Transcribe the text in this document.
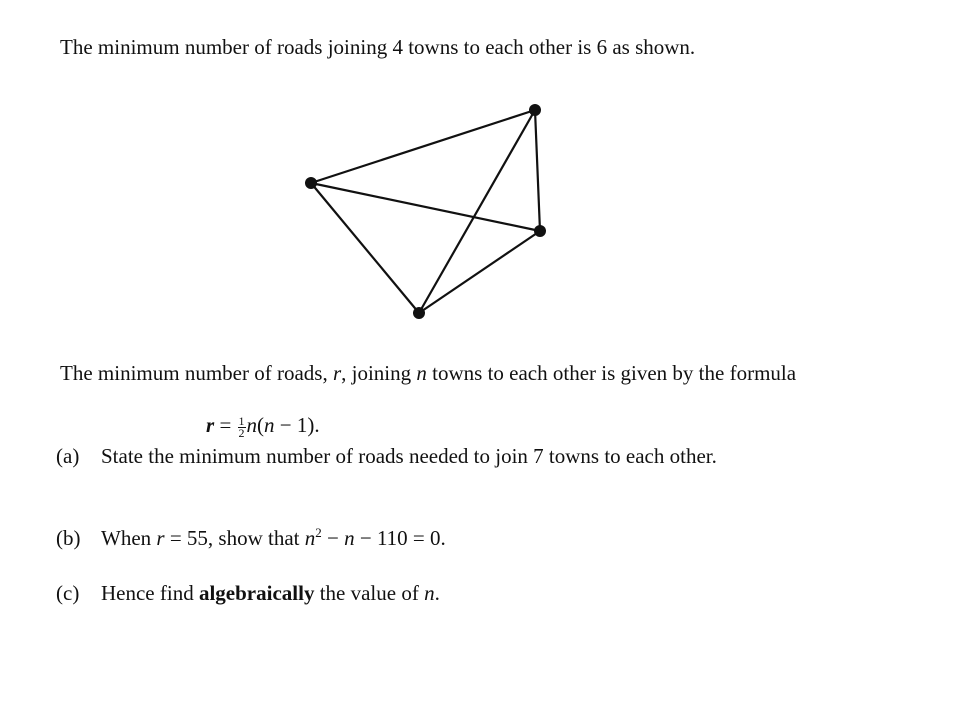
The minimum number of roads joining 4 towns to each other is 6 as shown.

The minimum number of roads, r, joining n towns to each other is given by the formula

$r = \frac{1}{2} n(n - 1)$.
(a) State the minimum number of roads needed to join 7 towns to each other.
(b) When r = 55, show that $n^2 - n - 110 = 0$.
(c) Hence find algebraically the value of n.
